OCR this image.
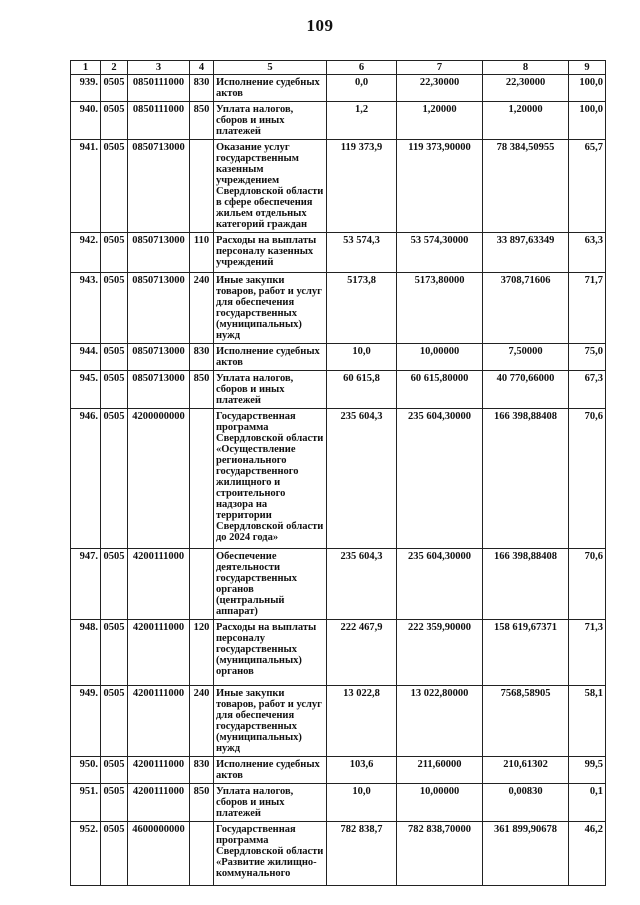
109
1	2	3	4	5	6	7	8	9
939.	0505	0850111000	830	Исполнение судебных актов	0,0	22,30000	22,30000	100,0
940.	0505	0850111000	850	Уплата налогов, сборов и иных платежей	1,2	1,20000	1,20000	100,0
941.	0505	0850713000		Оказание услуг государственным казенным учреждением Свердловской области в сфере обеспечения жильем отдельных категорий граждан	119 373,9	119 373,90000	78 384,50955	65,7
942.	0505	0850713000	110	Расходы на выплаты персоналу казенных учреждений	53 574,3	53 574,30000	33 897,63349	63,3
943.	0505	0850713000	240	Иные закупки товаров, работ и услуг для обеспечения государственных (муниципальных) нужд	5173,8	5173,80000	3708,71606	71,7
944.	0505	0850713000	830	Исполнение судебных актов	10,0	10,00000	7,50000	75,0
945.	0505	0850713000	850	Уплата налогов, сборов и иных платежей	60 615,8	60 615,80000	40 770,66000	67,3
946.	0505	4200000000		Государственная программа Свердловской области «Осуществление регионального государственного жилищного и строительного надзора на территории Свердловской области до 2024 года»	235 604,3	235 604,30000	166 398,88408	70,6
947.	0505	4200111000		Обеспечение деятельности государственных органов (центральный аппарат)	235 604,3	235 604,30000	166 398,88408	70,6
948.	0505	4200111000	120	Расходы на выплаты персоналу государственных (муниципальных) органов	222 467,9	222 359,90000	158 619,67371	71,3
949.	0505	4200111000	240	Иные закупки товаров, работ и услуг для обеспечения государственных (муниципальных) нужд	13 022,8	13 022,80000	7568,58905	58,1
950.	0505	4200111000	830	Исполнение судебных актов	103,6	211,60000	210,61302	99,5
951.	0505	4200111000	850	Уплата налогов, сборов и иных платежей	10,0	10,00000	0,00830	0,1
952.	0505	4600000000		Государственная программа Свердловской области «Развитие жилищно-коммунального	782 838,7	782 838,70000	361 899,90678	46,2
